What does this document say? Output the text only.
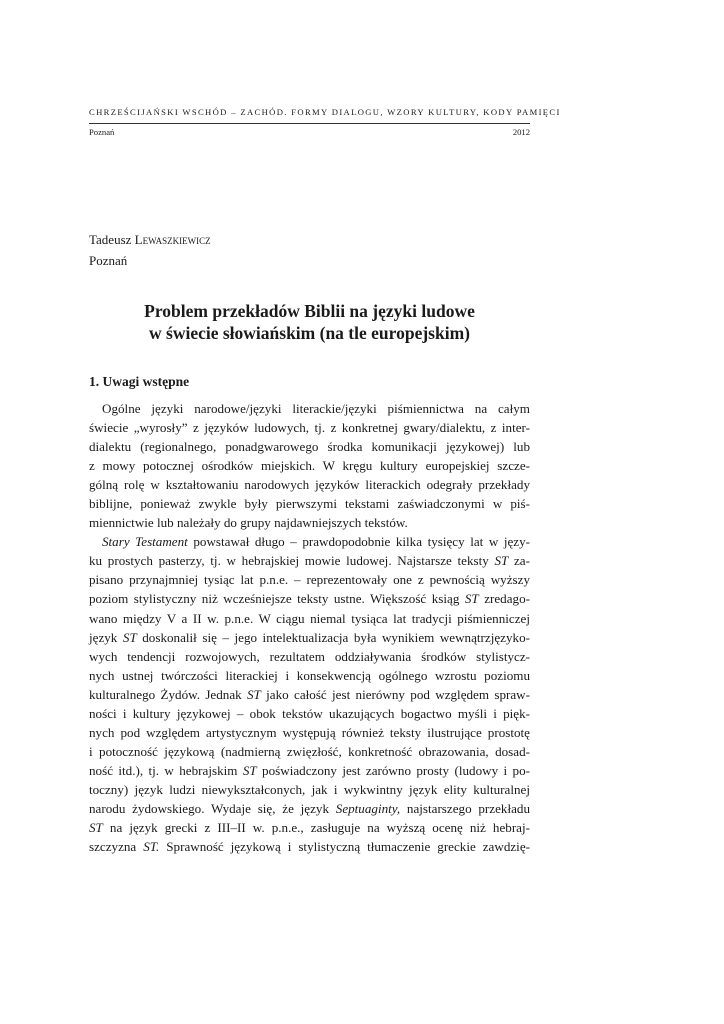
CHRZEŚCIJAŃSKI WSCHÓD – ZACHÓD. FORMY DIALOGU, WZORY KULTURY, KODY PAMIĘCI
Poznań	2012
Tadeusz Lewaszkiewicz
Poznań
Problem przekładów Biblii na języki ludowe
w świecie słowiańskim (na tle europejskim)
1. Uwagi wstępne
Ogólne języki narodowe/języki literackie/języki piśmiennictwa na całym
świecie „wyrosły” z języków ludowych, tj. z konkretnej gwary/dialektu, z inter-
dialektu (regionalnego, ponadgwarowego środka komunikacji językowej) lub
z mowy potocznej ośrodków miejskich. W kręgu kultury europejskiej szcze-
gólną rolę w kształtowaniu narodowych języków literackich odegrały przekłady
biblijne, ponieważ zwykle były pierwszymi tekstami zaświadczonymi w piś-
miennictwie lub należały do grupy najdawniejszych tekstów.
Stary Testament powstawał długo – prawdopodobnie kilka tysięcy lat w języ-
ku prostych pasterzy, tj. w hebrajskiej mowie ludowej. Najstarsze teksty ST za-
pisano przynajmniej tysiąc lat p.n.e. – reprezentowały one z pewnością wyższy
poziom stylistyczny niż wcześniejsze teksty ustne. Większość ksiąg ST zredago-
wano między V a II w. p.n.e. W ciągu niemal tysiąca lat tradycji piśmienniczej
język ST doskonalił się – jego intelektualizacja była wynikiem wewnątrzjęzyko-
wych tendencji rozwojowych, rezultatem oddziaływania środków stylistycz-
nych ustnej twórczości literackiej i konsekwencją ogólnego wzrostu poziomu
kulturalnego Żydów. Jednak ST jako całość jest nierówny pod względem spraw-
ności i kultury językowej – obok tekstów ukazujących bogactwo myśli i pięk-
nych pod względem artystycznym występują również teksty ilustrujące prostotę
i potoczność językową (nadmierną zwięzłość, konkretność obrazowania, dosad-
ność itd.), tj. w hebrajskim ST poświadczony jest zarówno prosty (ludowy i po-
toczny) język ludzi niewykształconych, jak i wykwintny język elity kulturalnej
narodu żydowskiego. Wydaje się, że język Septuaginty, najstarszego przekładu
ST na język grecki z III–II w. p.n.e., zasługuje na wyższą ocenę niż hebraj-
szczyzna ST. Sprawność językową i stylistyczną tłumaczenie greckie zawdzię-
